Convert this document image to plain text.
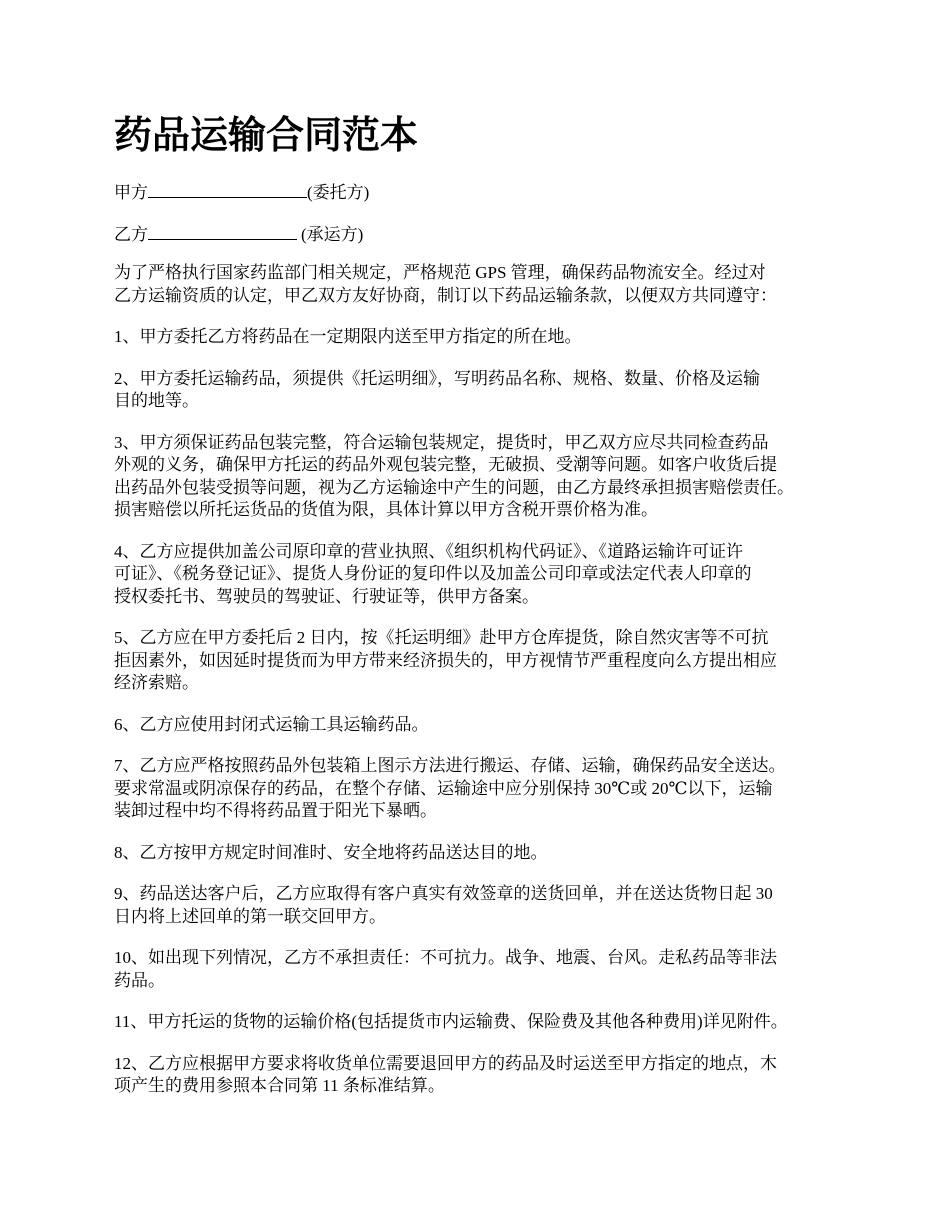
药品运输合同范本

甲方	(委托方)

乙方	(承运方)

为了严格执行国家药监部门相关规定，严格规范 GPS 管理，确保药品物流安全。经过对
乙方运输资质的认定，甲乙双方友好协商，制订以下药品运输条款，以便双方共同遵守：

1、甲方委托乙方将药品在一定期限内送至甲方指定的所在地。

2、甲方委托运输药品，须提供《托运明细》，写明药品名称、规格、数量、价格及运输
目的地等。

3、甲方须保证药品包装完整，符合运输包装规定，提货时，甲乙双方应尽共同检查药品
外观的义务，确保甲方托运的药品外观包装完整，无破损、受潮等问题。如客户收货后提
出药品外包装受损等问题，视为乙方运输途中产生的问题，由乙方最终承担损害赔偿责任。
损害赔偿以所托运货品的货值为限，具体计算以甲方含税开票价格为准。

4、乙方应提供加盖公司原印章的营业执照、《组织机构代码证》、《道路运输许可证许
可证》、《税务登记证》、提货人身份证的复印件以及加盖公司印章或法定代表人印章的
授权委托书、驾驶员的驾驶证、行驶证等，供甲方备案。

5、乙方应在甲方委托后 2 日内，按《托运明细》赴甲方仓库提货，除自然灾害等不可抗
拒因素外，如因延时提货而为甲方带来经济损失的，甲方视情节严重程度向么方提出相应
经济索赔。

6、乙方应使用封闭式运输工具运输药品。

7、乙方应严格按照药品外包装箱上图示方法进行搬运、存储、运输，确保药品安全送达。
要求常温或阴凉保存的药品，在整个存储、运输途中应分别保持 30℃或 20℃以下，运输
装卸过程中均不得将药品置于阳光下暴晒。

8、乙方按甲方规定时间准时、安全地将药品送达目的地。

9、药品送达客户后，乙方应取得有客户真实有效签章的送货回单，并在送达货物日起 30
日内将上述回单的第一联交回甲方。

10、如出现下列情况，乙方不承担责任：不可抗力。战争、地震、台风。走私药品等非法
药品。

11、甲方托运的货物的运输价格(包括提货市内运输费、保险费及其他各种费用)详见附件。

12、乙方应根据甲方要求将收货单位需要退回甲方的药品及时运送至甲方指定的地点，木
项产生的费用参照本合同第 11 条标准结算。
